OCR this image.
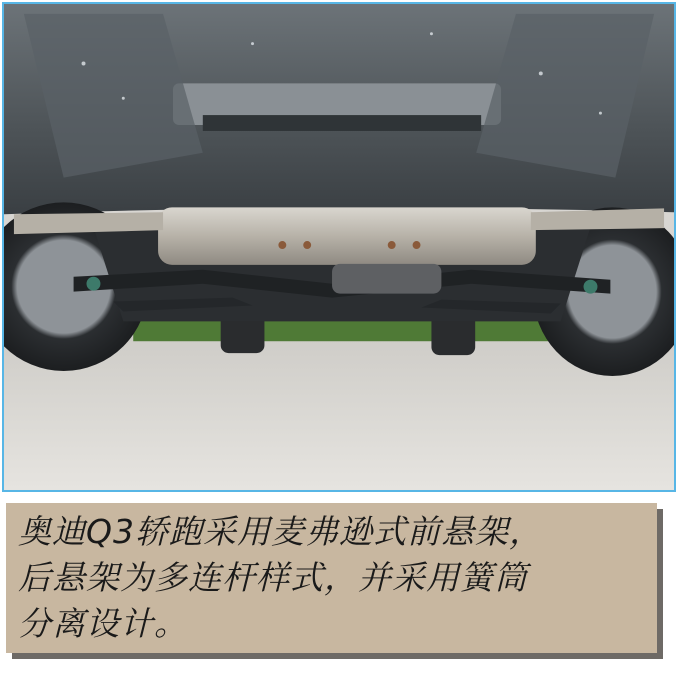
奥迪Q3轿跑采用麦弗逊式前悬架，
后悬架为多连杆样式，并采用簧筒
分离设计。
